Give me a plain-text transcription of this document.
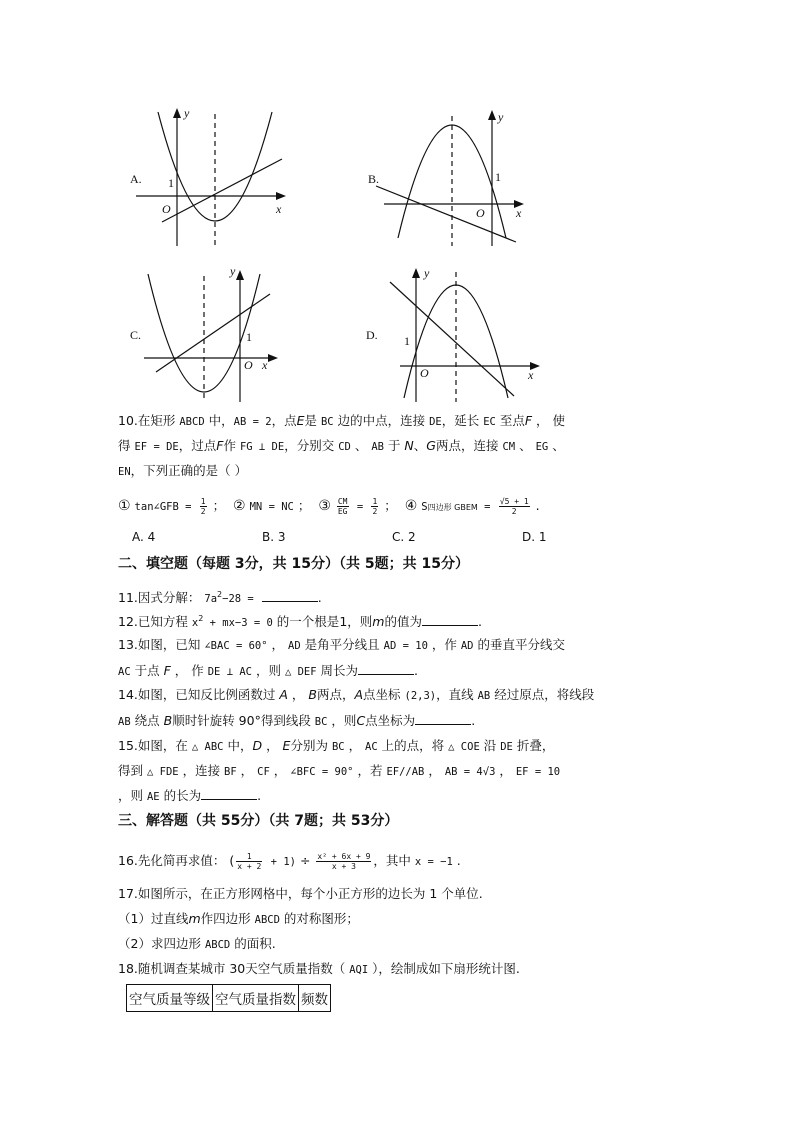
A. 1
O	x
y
B.	1
O	x
y
C.	1
O x
y
D. 1
O	x
y
10.在矩形 ABCD 中，AB = 2，点E是 BC 边的中点，连接 DE，延长 EC 至点F ， 使
得 EF = DE，过点F作 FG ⊥ DE，分别交 CD 、 AB 于 N、G两点，连接 CM 、 EG 、
EN，下列正确的是（ ）
① tan∠GFB = $\frac{1}{2}$ ； ② MN = NC ； ③ $\frac{CM}{EG} = \frac{1}{2}$ ； ④ S四边形 GBEM = $\frac{√5 + 1}{2}$ .
A. 4	B. 3	C. 2	D. 1
二、填空题（每题 3分，共 15分）（共 5题；共 15分）
11.因式分解： $7a^2-28$ =	.
12.已知方程 $x^2 + mx-3 = 0$ 的一个根是1，则m的值为	.
13.如图，已知 ∠BAC = 60° ， AD 是角平分线且 AD = 10 ，作 AD 的垂直平分线交
AC 于点 F ， 作 DE ⊥ AC ，则 △ DEF 周长为	.
14.如图，已知反比例函数过 A ， B两点，A点坐标 (2,3)，直线 AB 经过原点，将线段
AB 绕点 B顺时针旋转 90°得到线段 BC ，则C点坐标为	.
15.如图，在 △ ABC 中，D ， E分别为 BC ， AC 上的点，将 △ COE 沿 DE 折叠，
得到 △ FDE ，连接 BF ， CF ， ∠BFC = 90° ，若 EF//AB ， AB = 4√3 ， EF = 10
，则 AE 的长为	.
三、解答题（共 55分）（共 7题；共 53分）
16.先化简再求值： ( $\frac{1}{x + 2} + 1) \div \frac{\text{x² + 6x + 9}}{x + 3}$ ，其中 x = −1 .
17.如图所示，在正方形网格中，每个小正方形的边长为 1 个单位.
（1）过直线m作四边形 ABCD 的对称图形；
（2）求四边形 ABCD 的面积.
18.随机调查某城市 30天空气质量指数（ AQI ），绘制成如下扇形统计图.
空气质量等级	空气质量指数	频数
